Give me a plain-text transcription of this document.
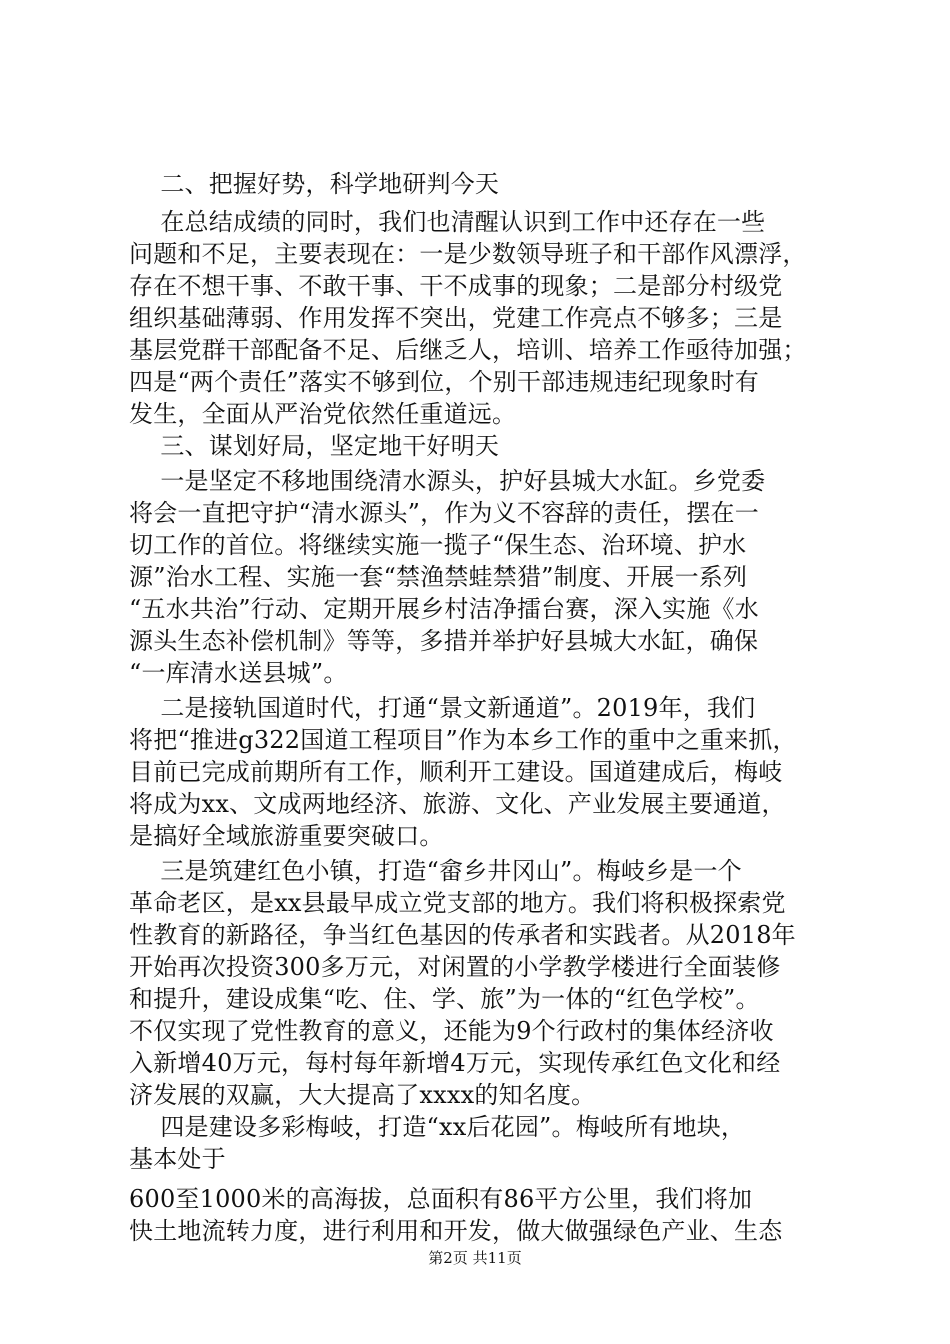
二、把握好势，科学地研判今天
在总结成绩的同时，我们也清醒认识到工作中还存在一些
问题和不足，主要表现在：一是少数领导班子和干部作风漂浮，
存在不想干事、不敢干事、干不成事的现象；二是部分村级党
组织基础薄弱、作用发挥不突出，党建工作亮点不够多；三是
基层党群干部配备不足、后继乏人，培训、培养工作亟待加强；
四是“两个责任”落实不够到位，个别干部违规违纪现象时有
发生，全面从严治党依然任重道远。
三、谋划好局，坚定地干好明天
一是坚定不移地围绕清水源头，护好县城大水缸。乡党委
将会一直把守护“清水源头”，作为义不容辞的责任，摆在一
切工作的首位。将继续实施一揽子“保生态、治环境、护水
源”治水工程、实施一套“禁渔禁蛙禁猎”制度、开展一系列
“五水共治”行动、定期开展乡村洁净擂台赛，深入实施《水
源头生态补偿机制》等等，多措并举护好县城大水缸，确保
“一库清水送县城”。
二是接轨国道时代，打通“景文新通道”。2019年，我们
将把“推进g322国道工程项目”作为本乡工作的重中之重来抓，
目前已完成前期所有工作，顺利开工建设。国道建成后，梅岐
将成为xx、文成两地经济、旅游、文化、产业发展主要通道，
是搞好全域旅游重要突破口。
三是筑建红色小镇，打造“畲乡井冈山”。梅岐乡是一个
革命老区，是xx县最早成立党支部的地方。我们将积极探索党
性教育的新路径，争当红色基因的传承者和实践者。从2018年
开始再次投资300多万元，对闲置的小学教学楼进行全面装修
和提升，建设成集“吃、住、学、旅”为一体的“红色学校”。
不仅实现了党性教育的意义，还能为9个行政村的集体经济收
入新增40万元，每村每年新增4万元，实现传承红色文化和经
济发展的双赢，大大提高了xxxx的知名度。
四是建设多彩梅岐，打造“xx后花园”。梅岐所有地块，
基本处于
600至1000米的高海拔，总面积有86平方公里，我们将加
快土地流转力度，进行利用和开发，做大做强绿色产业、生态
第2页 共11页
